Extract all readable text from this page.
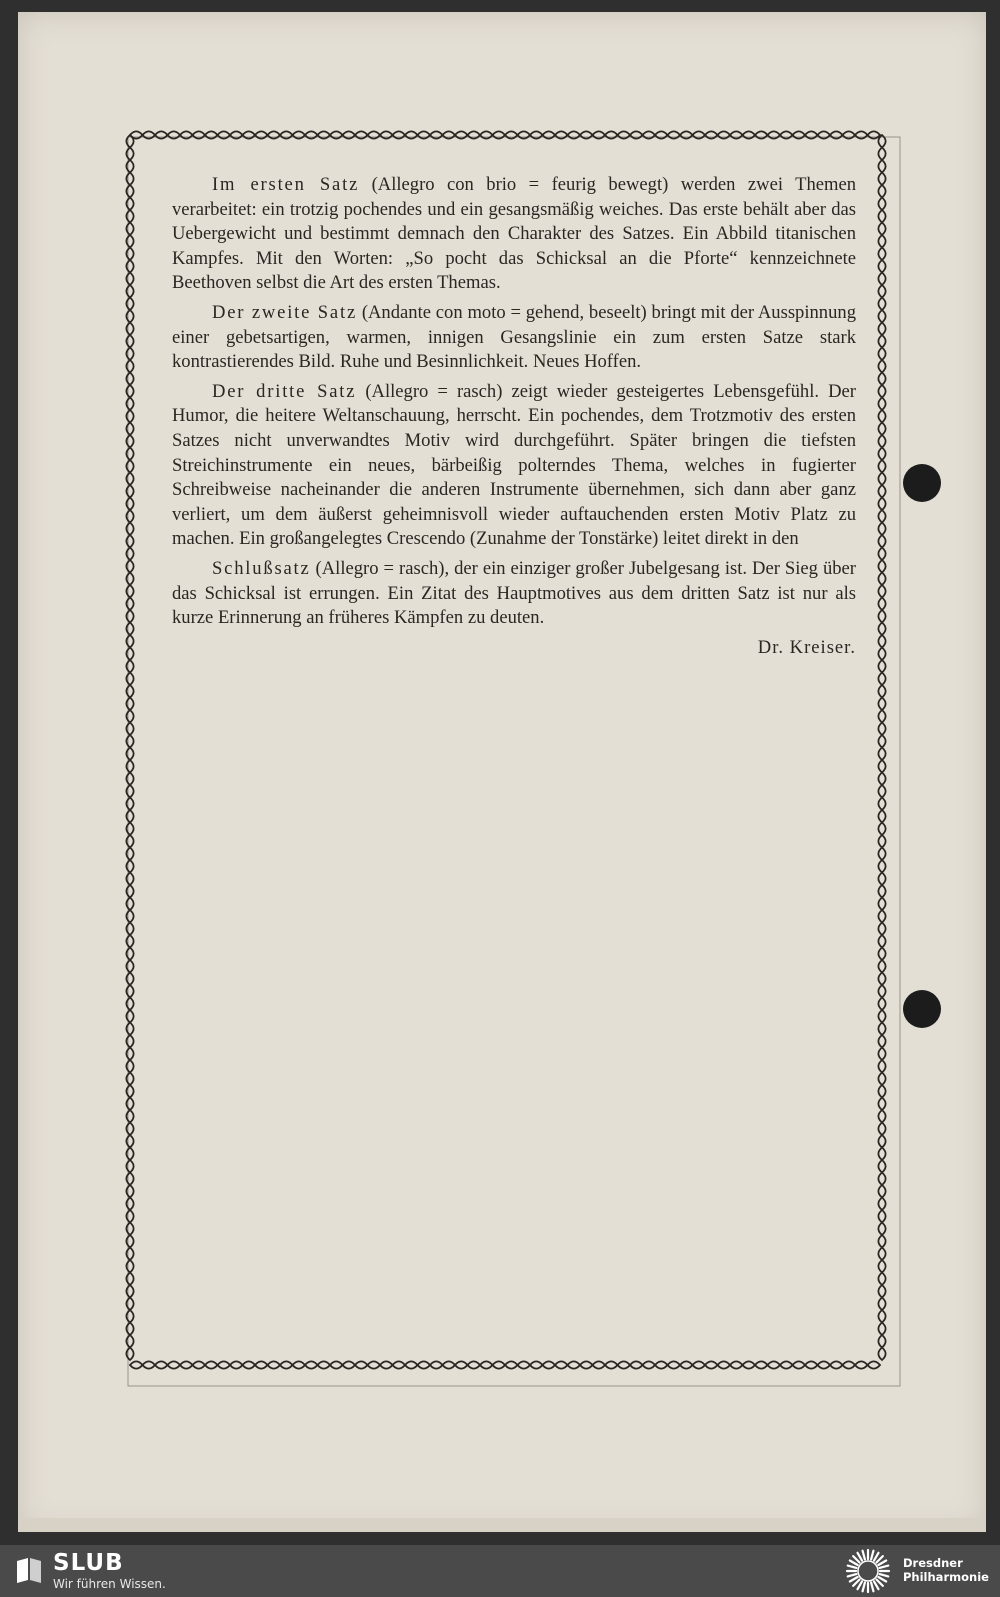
Im ersten Satz (Allegro con brio = feurig bewegt) werden zwei Themen verarbeitet: ein trotzig pochendes und ein gesangsmäßig weiches. Das erste behält aber das Uebergewicht und bestimmt demnach den Charakter des Satzes. Ein Abbild titanischen Kampfes. Mit den Worten: „So pocht das Schicksal an die Pforte“ kennzeichnete Beethoven selbst die Art des ersten Themas.

Der zweite Satz (Andante con moto = gehend, beseelt) bringt mit der Ausspinnung einer gebetsartigen, warmen, innigen Gesangslinie ein zum ersten Satze stark kontrastierendes Bild. Ruhe und Besinnlichkeit. Neues Hoffen.

Der dritte Satz (Allegro = rasch) zeigt wieder gesteigertes Lebensgefühl. Der Humor, die heitere Weltanschauung, herrscht. Ein pochendes, dem Trotzmotiv des ersten Satzes nicht unverwandtes Motiv wird durchgeführt. Später bringen die tiefsten Streichinstrumente ein neues, bärbeißig polterndes Thema, welches in fugierter Schreibweise nacheinander die anderen Instrumente übernehmen, sich dann aber ganz verliert, um dem äußerst geheimnisvoll wieder auftauchenden ersten Motiv Platz zu machen. Ein großangelegtes Crescendo (Zunahme der Tonstärke) leitet direkt in den

Schlußsatz (Allegro = rasch), der ein einziger großer Jubelgesang ist. Der Sieg über das Schicksal ist errungen. Ein Zitat des Hauptmotives aus dem dritten Satz ist nur als kurze Erinnerung an früheres Kämpfen zu deuten.

Dr. Kreiser.

SLUB
Wir führen Wissen.
Dresdner
Philharmonie
